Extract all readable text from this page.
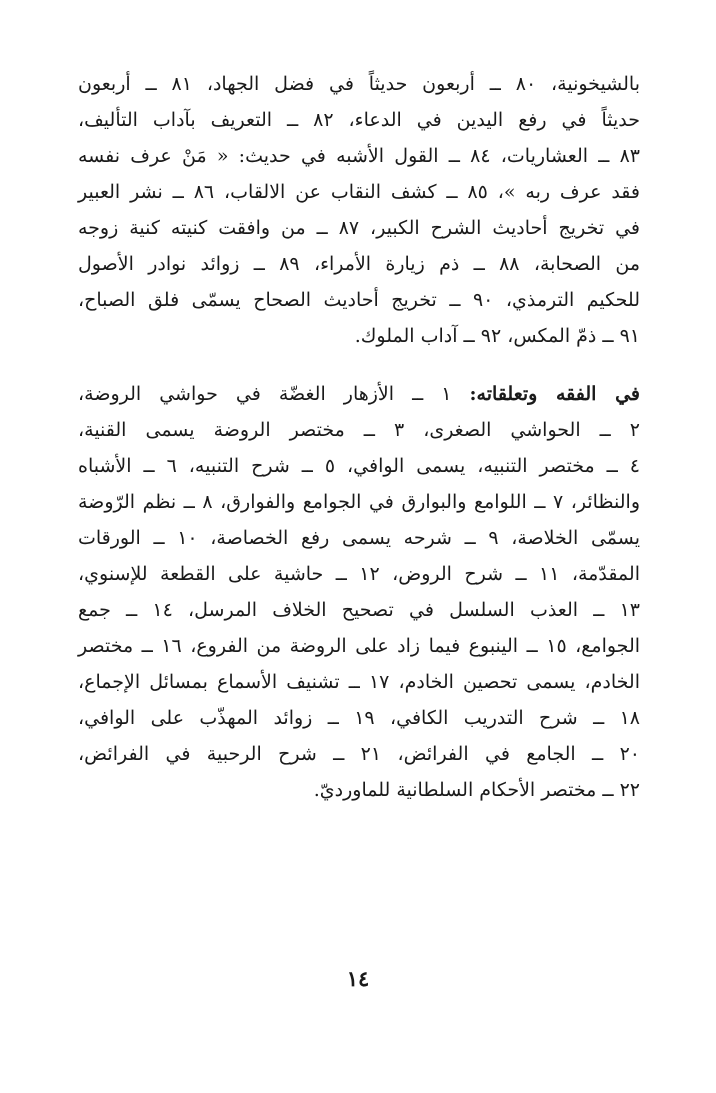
بالشيخونية، ٨٠ ــ أربعون حديثاً في فضل الجهاد، ٨١ ــ أربعون
حديثاً في رفع اليدين في الدعاء، ٨٢ ــ التعريف بآداب التأليف،
٨٣ ــ العشاريات، ٨٤ ــ القول الأشبه في حديث: « مَنْ عرف نفسه
فقد عرف ربه »، ٨٥ ــ كشف النقاب عن الالقاب، ٨٦ ــ نشر العبير
في تخريج أحاديث الشرح الكبير، ٨٧ ــ من وافقت كنيته كنية زوجه
من الصحابة، ٨٨ ــ ذم زيارة الأمراء، ٨٩ ــ زوائد نوادر الأصول
للحكيم الترمذي، ٩٠ ــ تخريج أحاديث الصحاح يسمّى فلق الصباح،
٩١ ــ ذمّ المكس، ٩٢ ــ آداب الملوك.
في الفقه وتعلقاته: ١ ــ الأزهار الغضّة في حواشي الروضة،
٢ ــ الحواشي الصغرى، ٣ ــ مختصر الروضة يسمى القنية،
٤ ــ مختصر التنبيه، يسمى الوافي، ٥ ــ شرح التنبيه، ٦ ــ الأشباه
والنظائر، ٧ ــ اللوامع والبوارق في الجوامع والفوارق، ٨ ــ نظم الرّوضة
يسمّى الخلاصة، ٩ ــ شرحه يسمى رفع الخصاصة، ١٠ ــ الورقات
المقدّمة، ١١ ــ شرح الروض، ١٢ ــ حاشية على القطعة للإسنوي،
١٣ ــ العذب السلسل في تصحيح الخلاف المرسل، ١٤ ــ جمع
الجوامع، ١٥ ــ الينبوع فيما زاد على الروضة من الفروع، ١٦ ــ مختصر
الخادم، يسمى تحصين الخادم، ١٧ ــ تشنيف الأسماع بمسائل الإجماع،
١٨ ــ شرح التدريب الكافي، ١٩ ــ زوائد المهذّب على الوافي،
٢٠ ــ الجامع في الفرائض، ٢١ ــ شرح الرحبية في الفرائض،
٢٢ ــ مختصر الأحكام السلطانية للماورديّ.
١٤
